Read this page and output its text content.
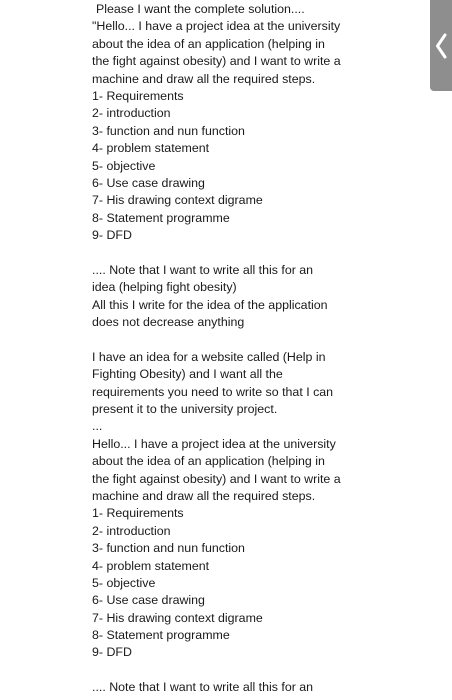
Please I want the complete solution....
"Hello... I have a project idea at the university
about the idea of an application (helping in
the fight against obesity) and I want to write a
machine and draw all the required steps.
1- Requirements
2- introduction
3- function and nun function
4- problem statement
5- objective
6- Use case drawing
7- His drawing context digrame
8- Statement programme
9- DFD
.... Note that I want to write all this for an
idea (helping fight obesity)
All this I write for the idea of the application
does not decrease anything
I have an idea for a website called (Help in
Fighting Obesity) and I want all the
requirements you need to write so that I can
present it to the university project.
...
Hello... I have a project idea at the university
about the idea of an application (helping in
the fight against obesity) and I want to write a
machine and draw all the required steps.
1- Requirements
2- introduction
3- function and nun function
4- problem statement
5- objective
6- Use case drawing
7- His drawing context digrame
8- Statement programme
9- DFD
.... Note that I want to write all this for an
